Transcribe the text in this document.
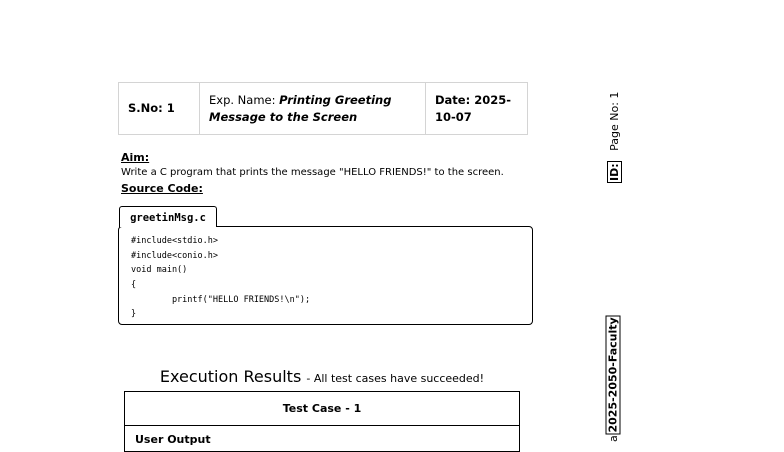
S.No: 1	Exp. Name: Printing Greeting Message to the Screen	Date: 2025-10-07
Aim:
Write a C program that prints the message "HELLO FRIENDS!" to the screen.
Source Code:
greetinMsg.c
#include<stdio.h>
#include<conio.h>
void main()
{
printf("HELLO FRIENDS!\n");
}
Execution Results - All test cases have succeeded!
Test Case - 1
User Output
ID:   Page No: 1
2025-2050-Faculty
a
